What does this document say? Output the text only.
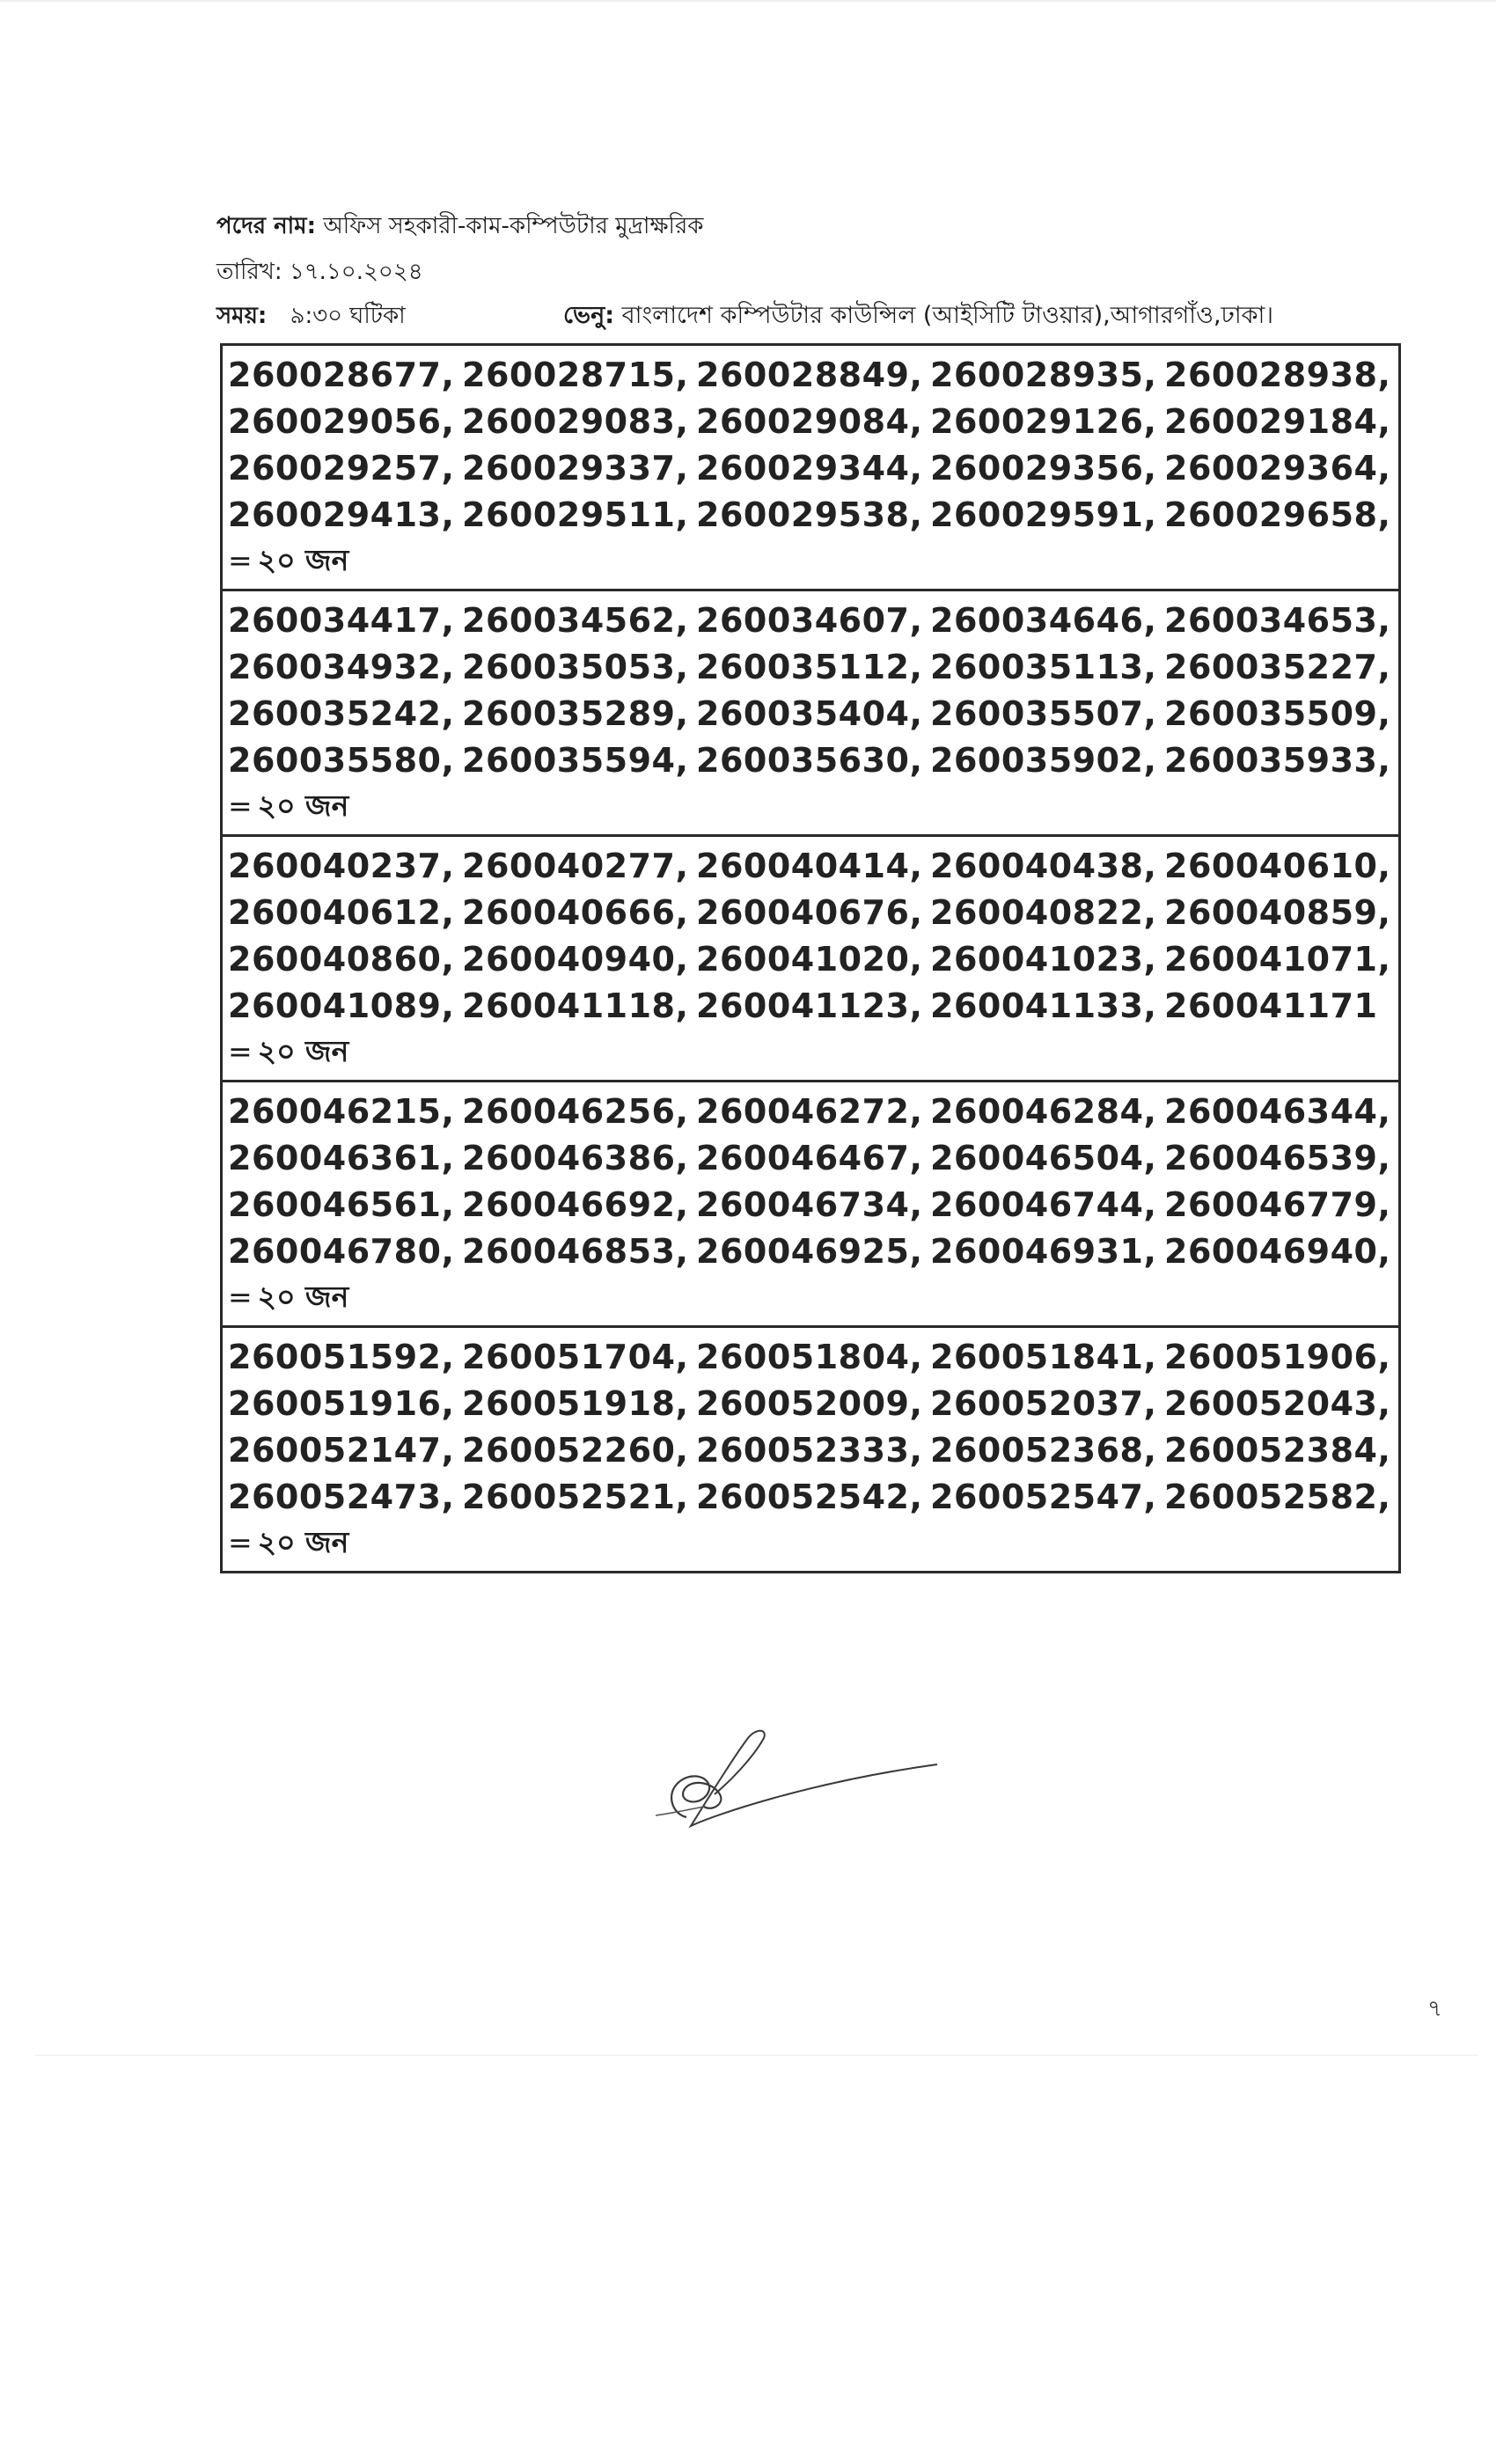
পদের নাম: অফিস সহকারী-কাম-কম্পিউটার মুদ্রাক্ষরিক
তারিখ: ১৭.১০.২০২৪
সময়: ৯:৩০ ঘটিকা	ভেনু: বাংলাদেশ কম্পিউটার কাউন্সিল (আইসিটি টাওয়ার),আগারগাঁও,ঢাকা।
260028677, 260028715, 260028849, 260028935, 260028938,
260029056, 260029083, 260029084, 260029126, 260029184,
260029257, 260029337, 260029344, 260029356, 260029364,
260029413, 260029511, 260029538, 260029591, 260029658,
= ২০ জন

260034417, 260034562, 260034607, 260034646, 260034653,
260034932, 260035053, 260035112, 260035113, 260035227,
260035242, 260035289, 260035404, 260035507, 260035509,
260035580, 260035594, 260035630, 260035902, 260035933,
= ২০ জন

260040237, 260040277, 260040414, 260040438, 260040610,
260040612, 260040666, 260040676, 260040822, 260040859,
260040860, 260040940, 260041020, 260041023, 260041071,
260041089, 260041118, 260041123, 260041133, 260041171
= ২০ জন

260046215, 260046256, 260046272, 260046284, 260046344,
260046361, 260046386, 260046467, 260046504, 260046539,
260046561, 260046692, 260046734, 260046744, 260046779,
260046780, 260046853, 260046925, 260046931, 260046940,
= ২০ জন

260051592, 260051704, 260051804, 260051841, 260051906,
260051916, 260051918, 260052009, 260052037, 260052043,
260052147, 260052260, 260052333, 260052368, 260052384,
260052473, 260052521, 260052542, 260052547, 260052582,
= ২০ জন
৭
